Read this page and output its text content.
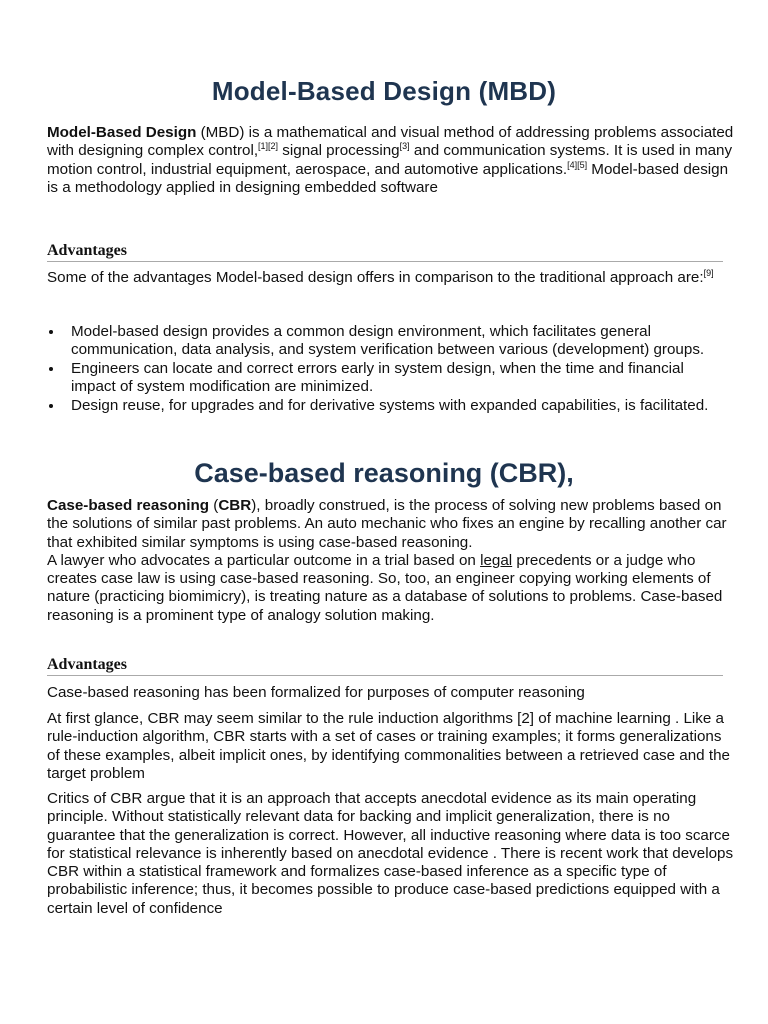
Model-Based Design (MBD)
Model-Based Design (MBD) is a mathematical and visual method of addressing problems associated with designing complex control,[1][2] signal processing[3] and communication systems. It is used in many motion control, industrial equipment, aerospace, and automotive applications.[4][5] Model-based design is a methodology applied in designing embedded software
Advantages
Some of the advantages Model-based design offers in comparison to the traditional approach are:[9]
Model-based design provides a common design environment, which facilitates general communication, data analysis, and system verification between various (development) groups.
Engineers can locate and correct errors early in system design, when the time and financial impact of system modification are minimized.
Design reuse, for upgrades and for derivative systems with expanded capabilities, is facilitated.
Case-based reasoning (CBR),
Case-based reasoning (CBR), broadly construed, is the process of solving new problems based on the solutions of similar past problems. An auto mechanic who fixes an engine by recalling another car that exhibited similar symptoms is using case-based reasoning.
A lawyer who advocates a particular outcome in a trial based on legal precedents or a judge who creates case law is using case-based reasoning. So, too, an engineer copying working elements of nature (practicing biomimicry), is treating nature as a database of solutions to problems. Case-based reasoning is a prominent type of analogy solution making.
Advantages
Case-based reasoning has been formalized for purposes of computer reasoning
At first glance, CBR may seem similar to the rule induction algorithms [2] of machine learning . Like a rule-induction algorithm, CBR starts with a set of cases or training examples; it forms generalizations of these examples, albeit implicit ones, by identifying commonalities between a retrieved case and the target problem
Critics of CBR argue that it is an approach that accepts anecdotal evidence as its main operating principle. Without statistically relevant data for backing and implicit generalization, there is no guarantee that the generalization is correct. However, all inductive reasoning where data is too scarce for statistical relevance is inherently based on anecdotal evidence . There is recent work that develops CBR within a statistical framework and formalizes case-based inference as a specific type of probabilistic inference; thus, it becomes possible to produce case-based predictions equipped with a certain level of confidence
